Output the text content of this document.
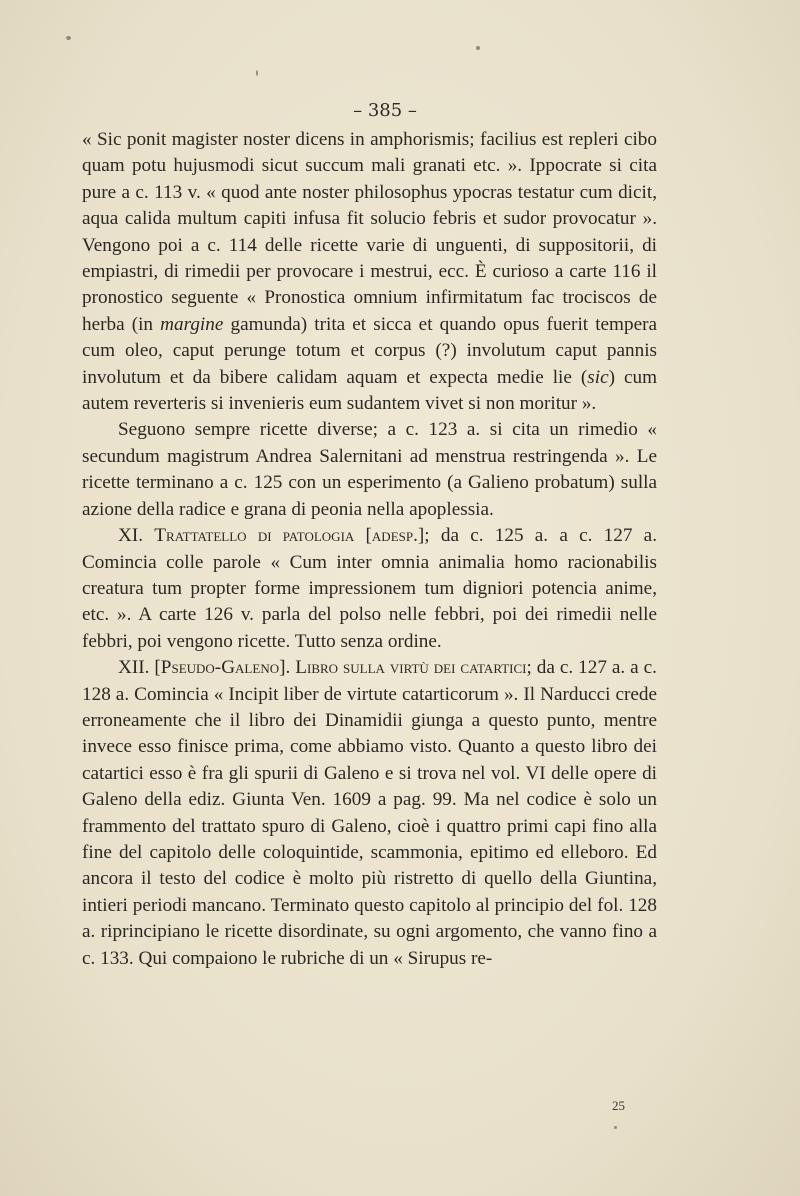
– 385 –

« Sic ponit magister noster dicens in amphorismis; facilius est repleri cibo quam potu hujusmodi sicut succum mali granati etc. ». Ippocrate si cita pure a c. 113 v. « quod ante noster philosophus ypocras testatur cum dicit, aqua calida multum capiti infusa fit solucio febris et sudor provocatur ». Vengono poi a c. 114 delle ricette varie di unguenti, di suppositorii, di empiastri, di rimedii per provocare i mestrui, ecc. È curioso a carte 116 il pronostico seguente « Pronostica omnium infirmitatum fac trociscos de herba (in margine gamunda) trita et sicca et quando opus fuerit tempera cum oleo, caput perunge totum et corpus (?) involutum caput pannis involutum et da bibere calidam aquam et expecta medie lie (sic) cum autem reverteris si invenieris eum sudantem vivet si non moritur ».

Seguono sempre ricette diverse; a c. 123 a. si cita un rimedio « secundum magistrum Andrea Salernitani ad menstrua restringenda ». Le ricette terminano a c. 125 con un esperimento (a Galieno probatum) sulla azione della radice e grana di peonia nella apoplessia.

XI. Trattatello di patologia [adesp.]; da c. 125 a. a c. 127 a. Comincia colle parole « Cum inter omnia animalia homo racionabilis creatura tum propter forme impressionem tum digniori potencia anime, etc. ». A carte 126 v. parla del polso nelle febbri, poi dei rimedii nelle febbri, poi vengono ricette. Tutto senza ordine.

XII. [Pseudo-Galeno]. Libro sulla virtù dei catartici; da c. 127 a. a c. 128 a. Comincia « Incipit liber de virtute catarticorum ». Il Narducci crede erroneamente che il libro dei Dinamidii giunga a questo punto, mentre invece esso finisce prima, come abbiamo visto. Quanto a questo libro dei catartici esso è fra gli spurii di Galeno e si trova nel vol. VI delle opere di Galeno della ediz. Giunta Ven. 1609 a pag. 99. Ma nel codice è solo un frammento del trattato spuro di Galeno, cioè i quattro primi capi fino alla fine del capitolo delle coloquintide, scammonia, epitimo ed elleboro. Ed ancora il testo del codice è molto più ristretto di quello della Giuntina, intieri periodi mancano. Terminato questo capitolo al principio del fol. 128 a. riprincipiano le ricette disordinate, su ogni argomento, che vanno fino a c. 133. Qui compaiono le rubriche di un « Sirupus re-

25
